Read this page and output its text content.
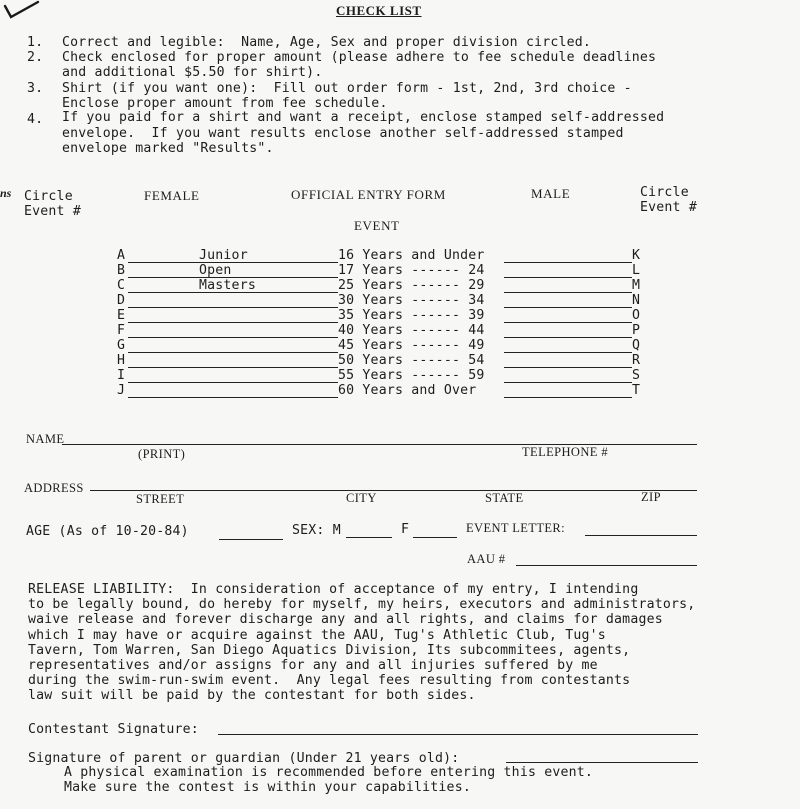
CHECK LIST
1. Correct and legible:  Name, Age, Sex and proper division circled.
2. Check enclosed for proper amount (please adhere to fee schedule deadlines
and additional $5.50 for shirt).
3. Shirt (if you want one):  Fill out order form - 1st, 2nd, 3rd choice -
Enclose proper amount from fee schedule.
4. If you paid for a shirt and want a receipt, enclose stamped self-addressed
envelope.  If you want results enclose another self-addressed stamped
envelope marked "Results".
ns Circle
Event #
FEMALE	OFFICIAL ENTRY FORM	MALE	Circle
Event #
EVENT
A	Junior	16 Years and Under	K
B	Open	17 Years ------ 24	L
C	Masters	25 Years ------ 29	M
D	30 Years ------ 34	N
E	35 Years ------ 39	O
F	40 Years ------ 44	P
G	45 Years ------ 49	Q
H	50 Years ------ 54	R
I	55 Years ------ 59	S
J	60 Years and Over	T
NAME
(PRINT)	TELEPHONE #
ADDRESS
STREET	CITY	STATE	ZIP
AGE (As of 10-20-84)	SEX: M	F	EVENT LETTER:
AAU #
RELEASE LIABILITY:  In consideration of acceptance of my entry, I intending
to be legally bound, do hereby for myself, my heirs, executors and administrators,
waive release and forever discharge any and all rights, and claims for damages
which I may have or acquire against the AAU, Tug's Athletic Club, Tug's
Tavern, Tom Warren, San Diego Aquatics Division, Its subcommitees, agents,
representatives and/or assigns for any and all injuries suffered by me
during the swim-run-swim event.  Any legal fees resulting from contestants
law suit will be paid by the contestant for both sides.
Contestant Signature:
Signature of parent or guardian (Under 21 years old):
A physical examination is recommended before entering this event.
Make sure the contest is within your capabilities.
